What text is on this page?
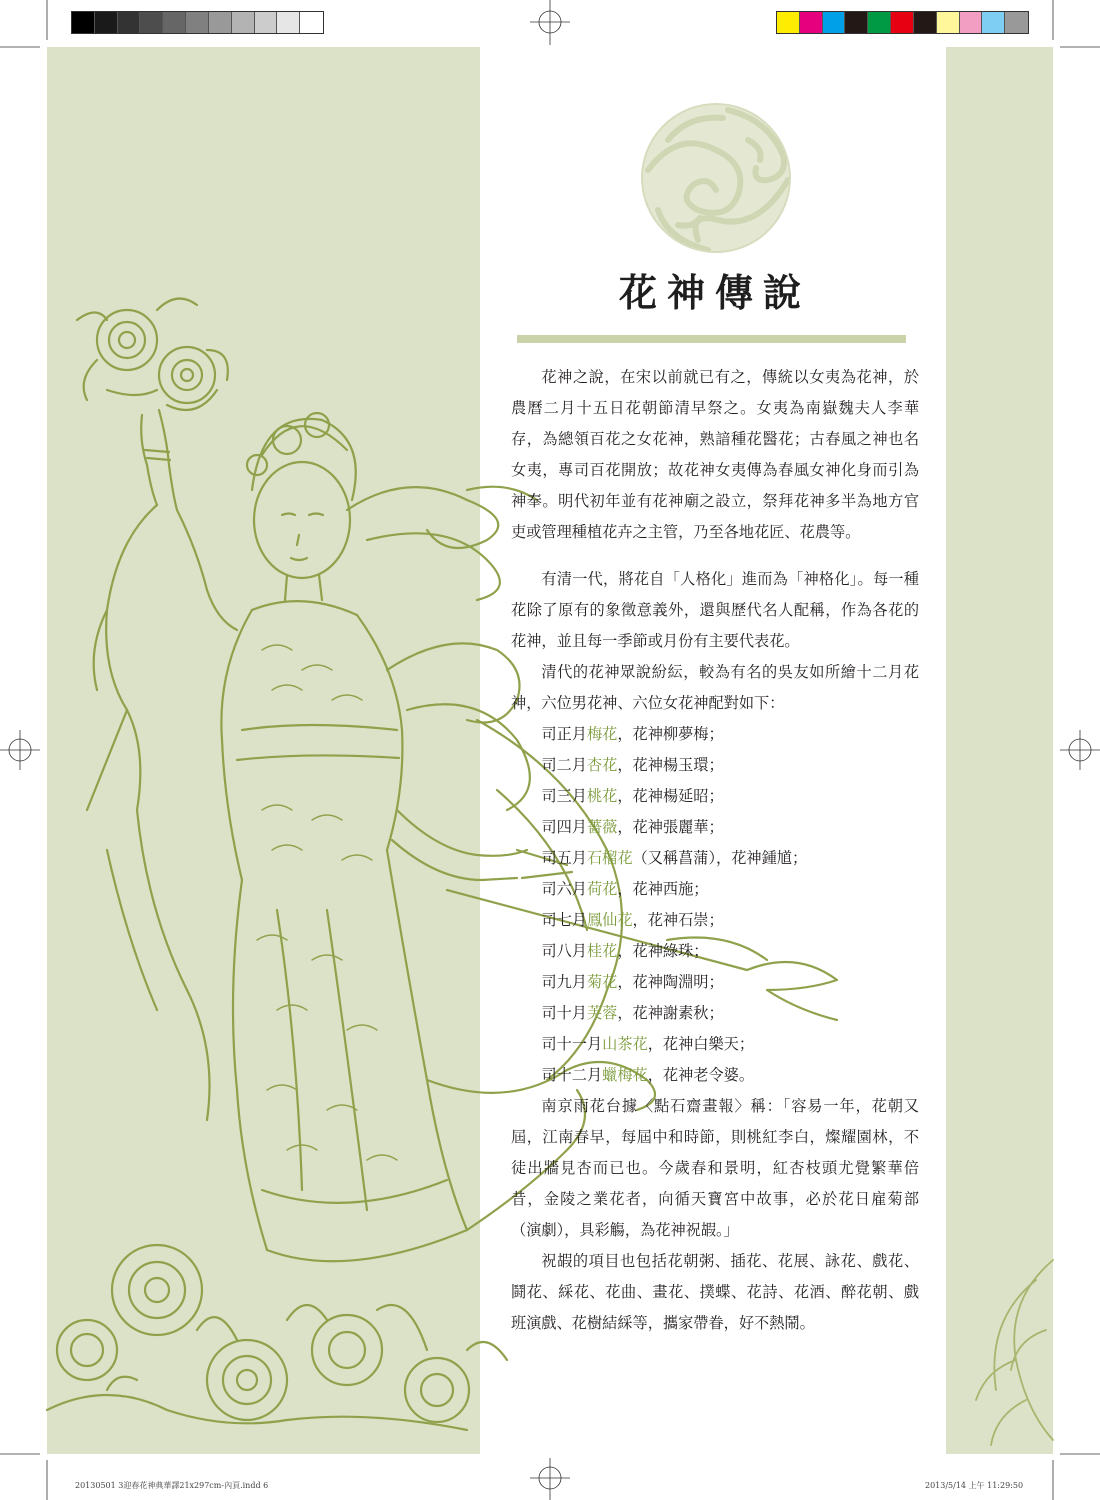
花神傳說

花神之說，在宋以前就已有之，傳統以女夷為花神，於農曆二月十五日花朝節清早祭之。女夷為南嶽魏夫人李華存，為總領百花之女花神，熟諳種花醫花；古春風之神也名女夷，專司百花開放；故花神女夷傳為春風女神化身而引為神奉。明代初年並有花神廟之設立，祭拜花神多半為地方官吏或管理種植花卉之主管，乃至各地花匠、花農等。

有清一代，將花自「人格化」進而為「神格化」。每一種花除了原有的象徵意義外，還與歷代名人配稱，作為各花的花神，並且每一季節或月份有主要代表花。

清代的花神眾說紛紜，較為有名的吳友如所繪十二月花神，六位男花神、六位女花神配對如下：

司正月梅花，花神柳夢梅；
司二月杏花，花神楊玉環；
司三月桃花，花神楊延昭；
司四月薔薇，花神張麗華；
司五月石榴花（又稱菖蒲），花神鍾馗；
司六月荷花，花神西施；
司七月鳳仙花，花神石崇；
司八月桂花，花神綠珠；
司九月菊花，花神陶淵明；
司十月芙蓉，花神謝素秋；
司十一月山茶花，花神白樂天；
司十二月蠟梅花，花神老令婆。

南京雨花台據〈點石齋畫報〉稱：「容易一年，花朝又屆，江南春早，每屆中和時節，則桃紅李白，燦耀園林，不徒出牆見杏而已也。今歲春和景明，紅杏枝頭尤覺繁華倍昔，金陵之業花者，向循天寶宮中故事，必於花日雇菊部（演劇），具彩觴，為花神祝嘏。」

祝嘏的項目也包括花朝粥、插花、花展、詠花、戲花、鬪花、綵花、花曲、畫花、撲蝶、花詩、花酒、醉花朝、戲班演戲、花樹結綵等，攜家帶眷，好不熱鬧。

20130501 3迎春花神典華譯21x297cm-內頁.indd 6	2013/5/14 上午 11:29:50
